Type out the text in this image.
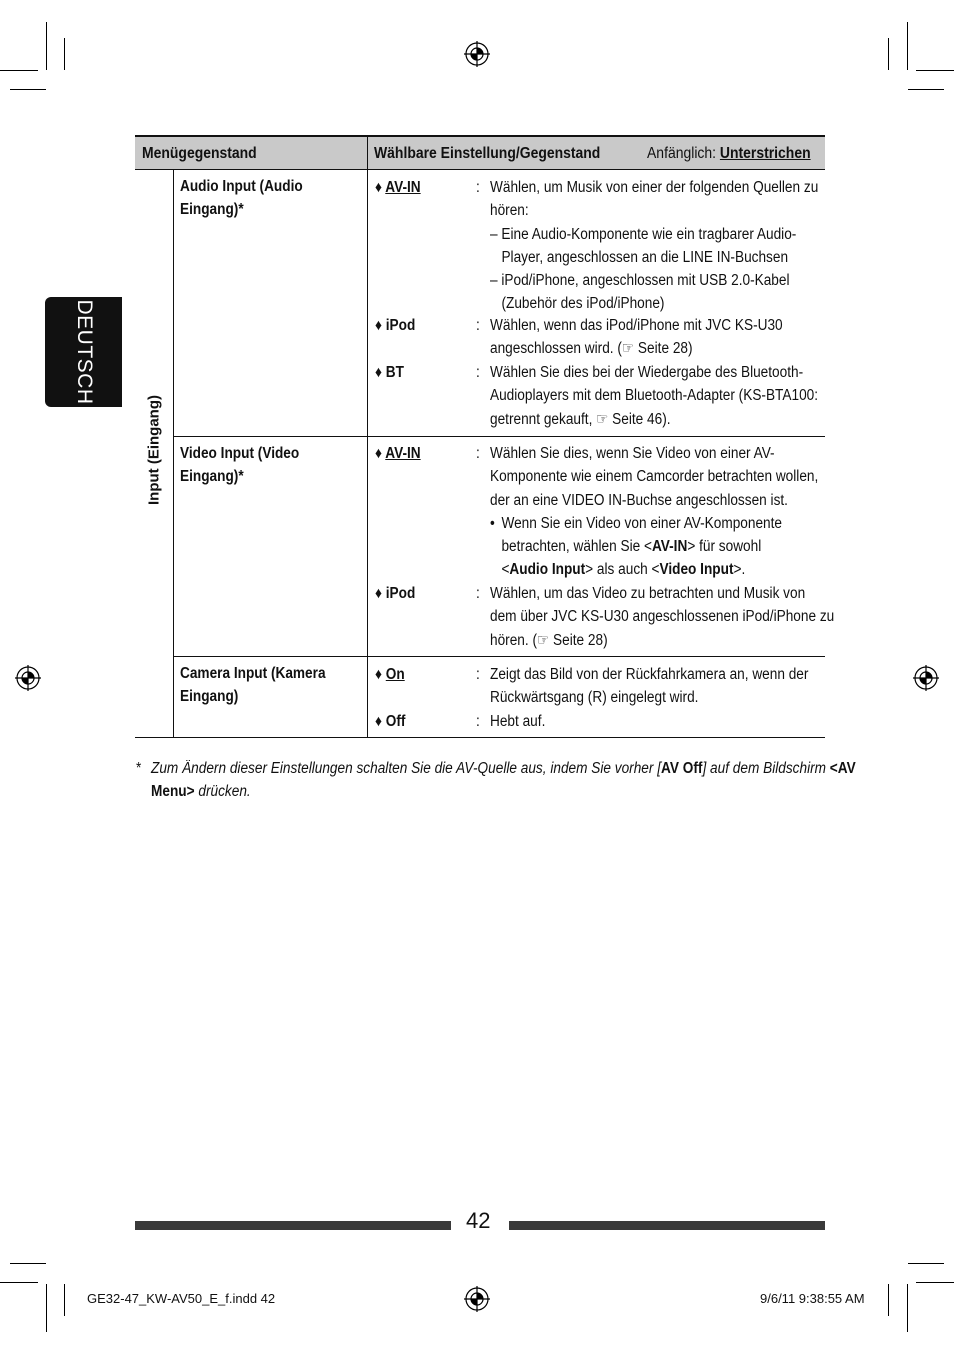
DEUTSCH
Menügegenstand	Wählbare Einstellung/Gegenstand	Anfänglich: Unterstrichen
Input (Eingang)
Audio Input (Audio
Eingang)*
♦ AV-IN	: Wählen, um Musik von einer der folgenden Quellen zu
hören:
– Eine Audio-Komponente wie ein tragbarer Audio-
Player, angeschlossen an die LINE IN-Buchsen
– iPod/iPhone, angeschlossen mit USB 2.0-Kabel
(Zubehör des iPod/iPhone)
♦ iPod	: Wählen, wenn das iPod/iPhone mit JVC KS-U30
angeschlossen wird. (☞ Seite 28)
♦ BT	: Wählen Sie dies bei der Wiedergabe des Bluetooth-
Audioplayers mit dem Bluetooth-Adapter (KS-BTA100:
getrennt gekauft, ☞ Seite 46).
Video Input (Video
Eingang)*
♦ AV-IN	: Wählen Sie dies, wenn Sie Video von einer AV-
Komponente wie einem Camcorder betrachten wollen,
der an eine VIDEO IN-Buchse angeschlossen ist.
• Wenn Sie ein Video von einer AV-Komponente
betrachten, wählen Sie <AV-IN> für sowohl
<Audio Input> als auch <Video Input>.
♦ iPod	: Wählen, um das Video zu betrachten und Musik von
dem über JVC KS-U30 angeschlossenen iPod/iPhone zu
hören. (☞ Seite 28)
Camera Input (Kamera
Eingang)
♦ On	: Zeigt das Bild von der Rückfahrkamera an, wenn der
Rückwärtsgang (R) eingelegt wird.
♦ Off	: Hebt auf.
* Zum Ändern dieser Einstellungen schalten Sie die AV-Quelle aus, indem Sie vorher [AV Off] auf dem Bildschirm <AV
Menu> drücken.
42
GE32-47_KW-AV50_E_f.indd 42	9/6/11 9:38:55 AM
